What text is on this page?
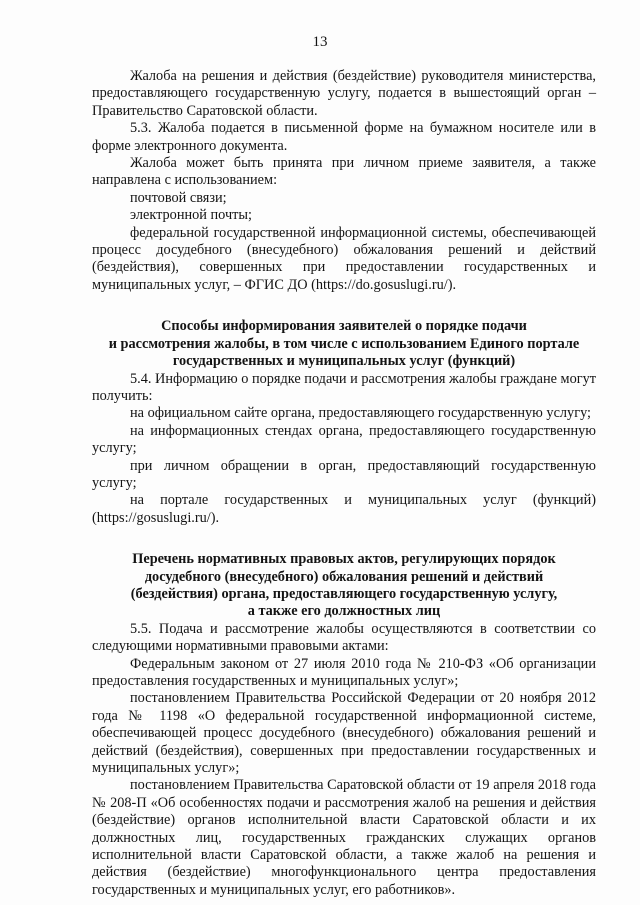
13

Жалоба на решения и действия (бездействие) руководителя министерства, предоставляющего государственную услугу, подается в вышестоящий орган – Правительство Саратовской области.

5.3. Жалоба подается в письменной форме на бумажном носителе или в форме электронного документа.

Жалоба может быть принята при личном приеме заявителя, а также направлена с использованием:

почтовой связи;

электронной почты;

федеральной государственной информационной системы, обеспечивающей процесс досудебного (внесудебного) обжалования решений и действий (бездействия), совершенных при предоставлении государственных и муниципальных услуг, – ФГИС ДО (https://do.gosuslugi.ru/).

Способы информирования заявителей о порядке подачи
и рассмотрения жалобы, в том числе с использованием Единого портале
государственных и муниципальных услуг (функций)

5.4. Информацию о порядке подачи и рассмотрения жалобы граждане могут получить:

на официальном сайте органа, предоставляющего государственную услугу;

на информационных стендах органа, предоставляющего государственную услугу;

при личном обращении в орган, предоставляющий государственную услугу;

на портале государственных и муниципальных услуг (функций) (https://gosuslugi.ru/).

Перечень нормативных правовых актов, регулирующих порядок
досудебного (внесудебного) обжалования решений и действий
(бездействия) органа, предоставляющего государственную услугу,
а также его должностных лиц

5.5. Подача и рассмотрение жалобы осуществляются в соответствии со следующими нормативными правовыми актами:

Федеральным законом от 27 июля 2010 года № 210-ФЗ «Об организации предоставления государственных и муниципальных услуг»;

постановлением Правительства Российской Федерации от 20 ноября 2012 года № 1198 «О федеральной государственной информационной системе, обеспечивающей процесс досудебного (внесудебного) обжалования решений и действий (бездействия), совершенных при предоставлении государственных и муниципальных услуг»;

постановлением Правительства Саратовской области от 19 апреля 2018 года № 208-П «Об особенностях подачи и рассмотрения жалоб на решения и действия (бездействие) органов исполнительной власти Саратовской области и их должностных лиц, государственных гражданских служащих органов исполнительной власти Саратовской области, а также жалоб на решения и действия (бездействие) многофункционального центра предоставления государственных и муниципальных услуг, его работников».
